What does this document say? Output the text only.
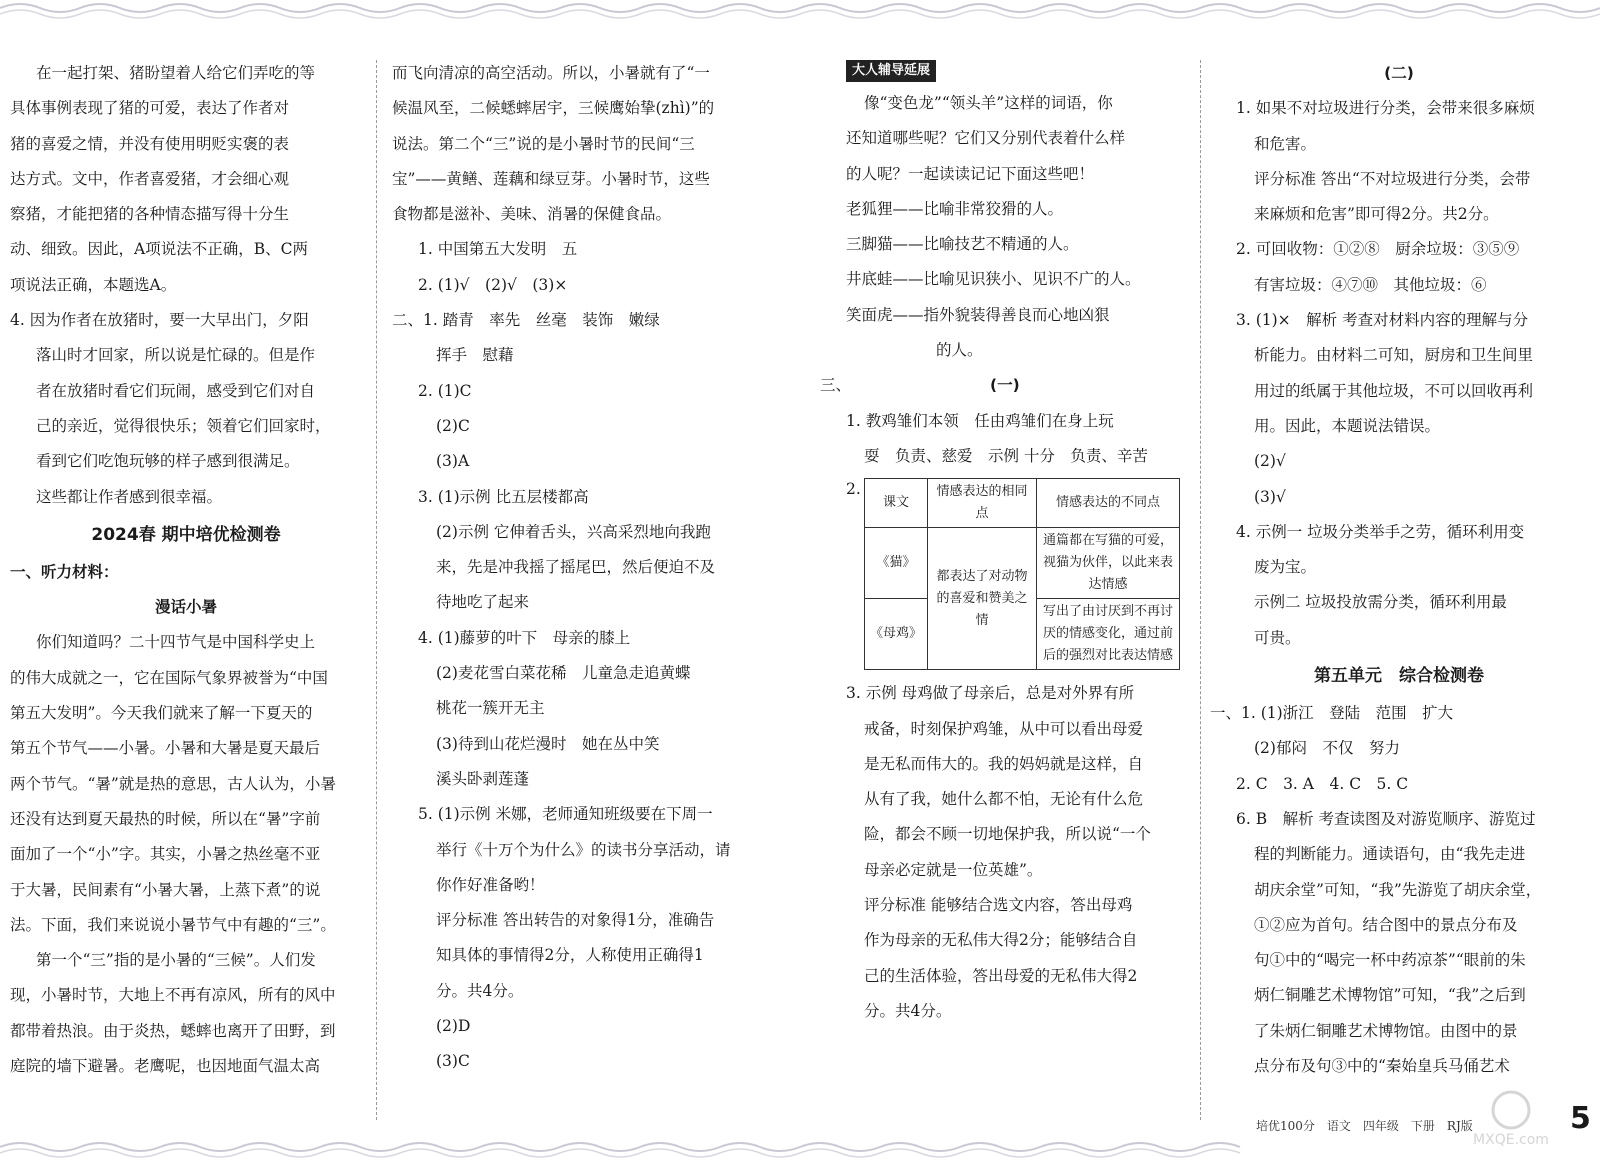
在一起打架、猪盼望着人给它们弄吃的等
具体事例表现了猪的可爱，表达了作者对
猪的喜爱之情，并没有使用明贬实褒的表
达方式。文中，作者喜爱猪，才会细心观
察猪，才能把猪的各种情态描写得十分生
动、细致。因此，A项说法不正确，B、C两
项说法正确，本题选A。
4. 因为作者在放猪时，要一大早出门，夕阳
落山时才回家，所以说是忙碌的。但是作
者在放猪时看它们玩闹，感受到它们对自
己的亲近，觉得很快乐；领着它们回家时，
看到它们吃饱玩够的样子感到很满足。
这些都让作者感到很幸福。
2024春 期中培优检测卷
一、听力材料：
漫话小暑
你们知道吗？二十四节气是中国科学史上
的伟大成就之一，它在国际气象界被誉为“中国
第五大发明”。今天我们就来了解一下夏天的
第五个节气——小暑。小暑和大暑是夏天最后
两个节气。“暑”就是热的意思，古人认为，小暑
还没有达到夏天最热的时候，所以在“暑”字前
面加了一个“小”字。其实，小暑之热丝毫不亚
于大暑，民间素有“小暑大暑，上蒸下煮”的说
法。下面，我们来说说小暑节气中有趣的“三”。
第一个“三”指的是小暑的“三候”。人们发
现，小暑时节，大地上不再有凉风，所有的风中
都带着热浪。由于炎热，蟋蟀也离开了田野，到
庭院的墙下避暑。老鹰呢，也因地面气温太高
而飞向清凉的高空活动。所以，小暑就有了“一
候温风至，二候蟋蟀居宇，三候鹰始挚(zhì)”的
说法。第二个“三”说的是小暑时节的民间“三
宝”——黄鳝、莲藕和绿豆芽。小暑时节，这些
食物都是滋补、美味、消暑的保健食品。
1. 中国第五大发明　五
2. (1)√　(2)√　(3)×
二、1. 踏青　率先　丝毫　装饰　嫩绿
挥手　慰藉
2. (1)C
(2)C
(3)A
3. (1)示例 比五层楼都高
(2)示例 它伸着舌头，兴高采烈地向我跑
来，先是冲我摇了摇尾巴，然后便迫不及
待地吃了起来
4. (1)藤萝的叶下　母亲的膝上
(2)麦花雪白菜花稀　儿童急走追黄蝶
桃花一簇开无主
(3)待到山花烂漫时　她在丛中笑
溪头卧剥莲蓬
5. (1)示例 米娜，老师通知班级要在下周一
举行《十万个为什么》的读书分享活动，请
你作好准备哟！
评分标准 答出转告的对象得1分，准确告
知具体的事情得2分，人称使用正确得1
分。共4分。
(2)D
(3)C
大人辅导延展
像“变色龙”“领头羊”这样的词语，你
还知道哪些呢？它们又分别代表着什么样
的人呢？一起读读记记下面这些吧！
老狐狸——比喻非常狡猾的人。
三脚猫——比喻技艺不精通的人。
井底蛙——比喻见识狭小、见识不广的人。
笑面虎——指外貌装得善良而心地凶狠
的人。
三、	(一)
1. 教鸡雏们本领　任由鸡雏们在身上玩
耍　负责、慈爱　示例 十分　负责、辛苦
2.
课文	情感表达的相同点	情感表达的不同点
《猫》	都表达了对动物的喜爱和赞美之情	通篇都在写猫的可爱，视猫为伙伴，以此来表达情感
《母鸡》		写出了由讨厌到不再讨厌的情感变化，通过前后的强烈对比表达情感
3. 示例 母鸡做了母亲后，总是对外界有所
戒备，时刻保护鸡雏，从中可以看出母爱
是无私而伟大的。我的妈妈就是这样，自
从有了我，她什么都不怕，无论有什么危
险，都会不顾一切地保护我，所以说“一个
母亲必定就是一位英雄”。
评分标准 能够结合选文内容，答出母鸡
作为母亲的无私伟大得2分；能够结合自
己的生活体验，答出母爱的无私伟大得2
分。共4分。
(二)
1. 如果不对垃圾进行分类，会带来很多麻烦
和危害。
评分标准 答出“不对垃圾进行分类，会带
来麻烦和危害”即可得2分。共2分。
2. 可回收物：①②⑧　厨余垃圾：③⑤⑨
有害垃圾：④⑦⑩　其他垃圾：⑥
3. (1)×　解析 考查对材料内容的理解与分
析能力。由材料二可知，厨房和卫生间里
用过的纸属于其他垃圾，不可以回收再利
用。因此，本题说法错误。
(2)√
(3)√
4. 示例一 垃圾分类举手之劳，循环利用变
废为宝。
示例二 垃圾投放需分类，循环利用最
可贵。
第五单元　综合检测卷
一、1. (1)浙江　登陆　范围　扩大
(2)郁闷　不仅　努力
2. C　3. A　4. C　5. C
6. B　解析 考查读图及对游览顺序、游览过
程的判断能力。通读语句，由“我先走进
胡庆余堂”可知，“我”先游览了胡庆余堂，
①②应为首句。结合图中的景点分布及
句①中的“喝完一杯中药凉茶”“眼前的朱
炳仁铜雕艺术博物馆”可知，“我”之后到
了朱炳仁铜雕艺术博物馆。由图中的景
点分布及句③中的“秦始皇兵马俑艺术
培优100分　语文　四年级　下册　RJ版	5
MXQE.com
